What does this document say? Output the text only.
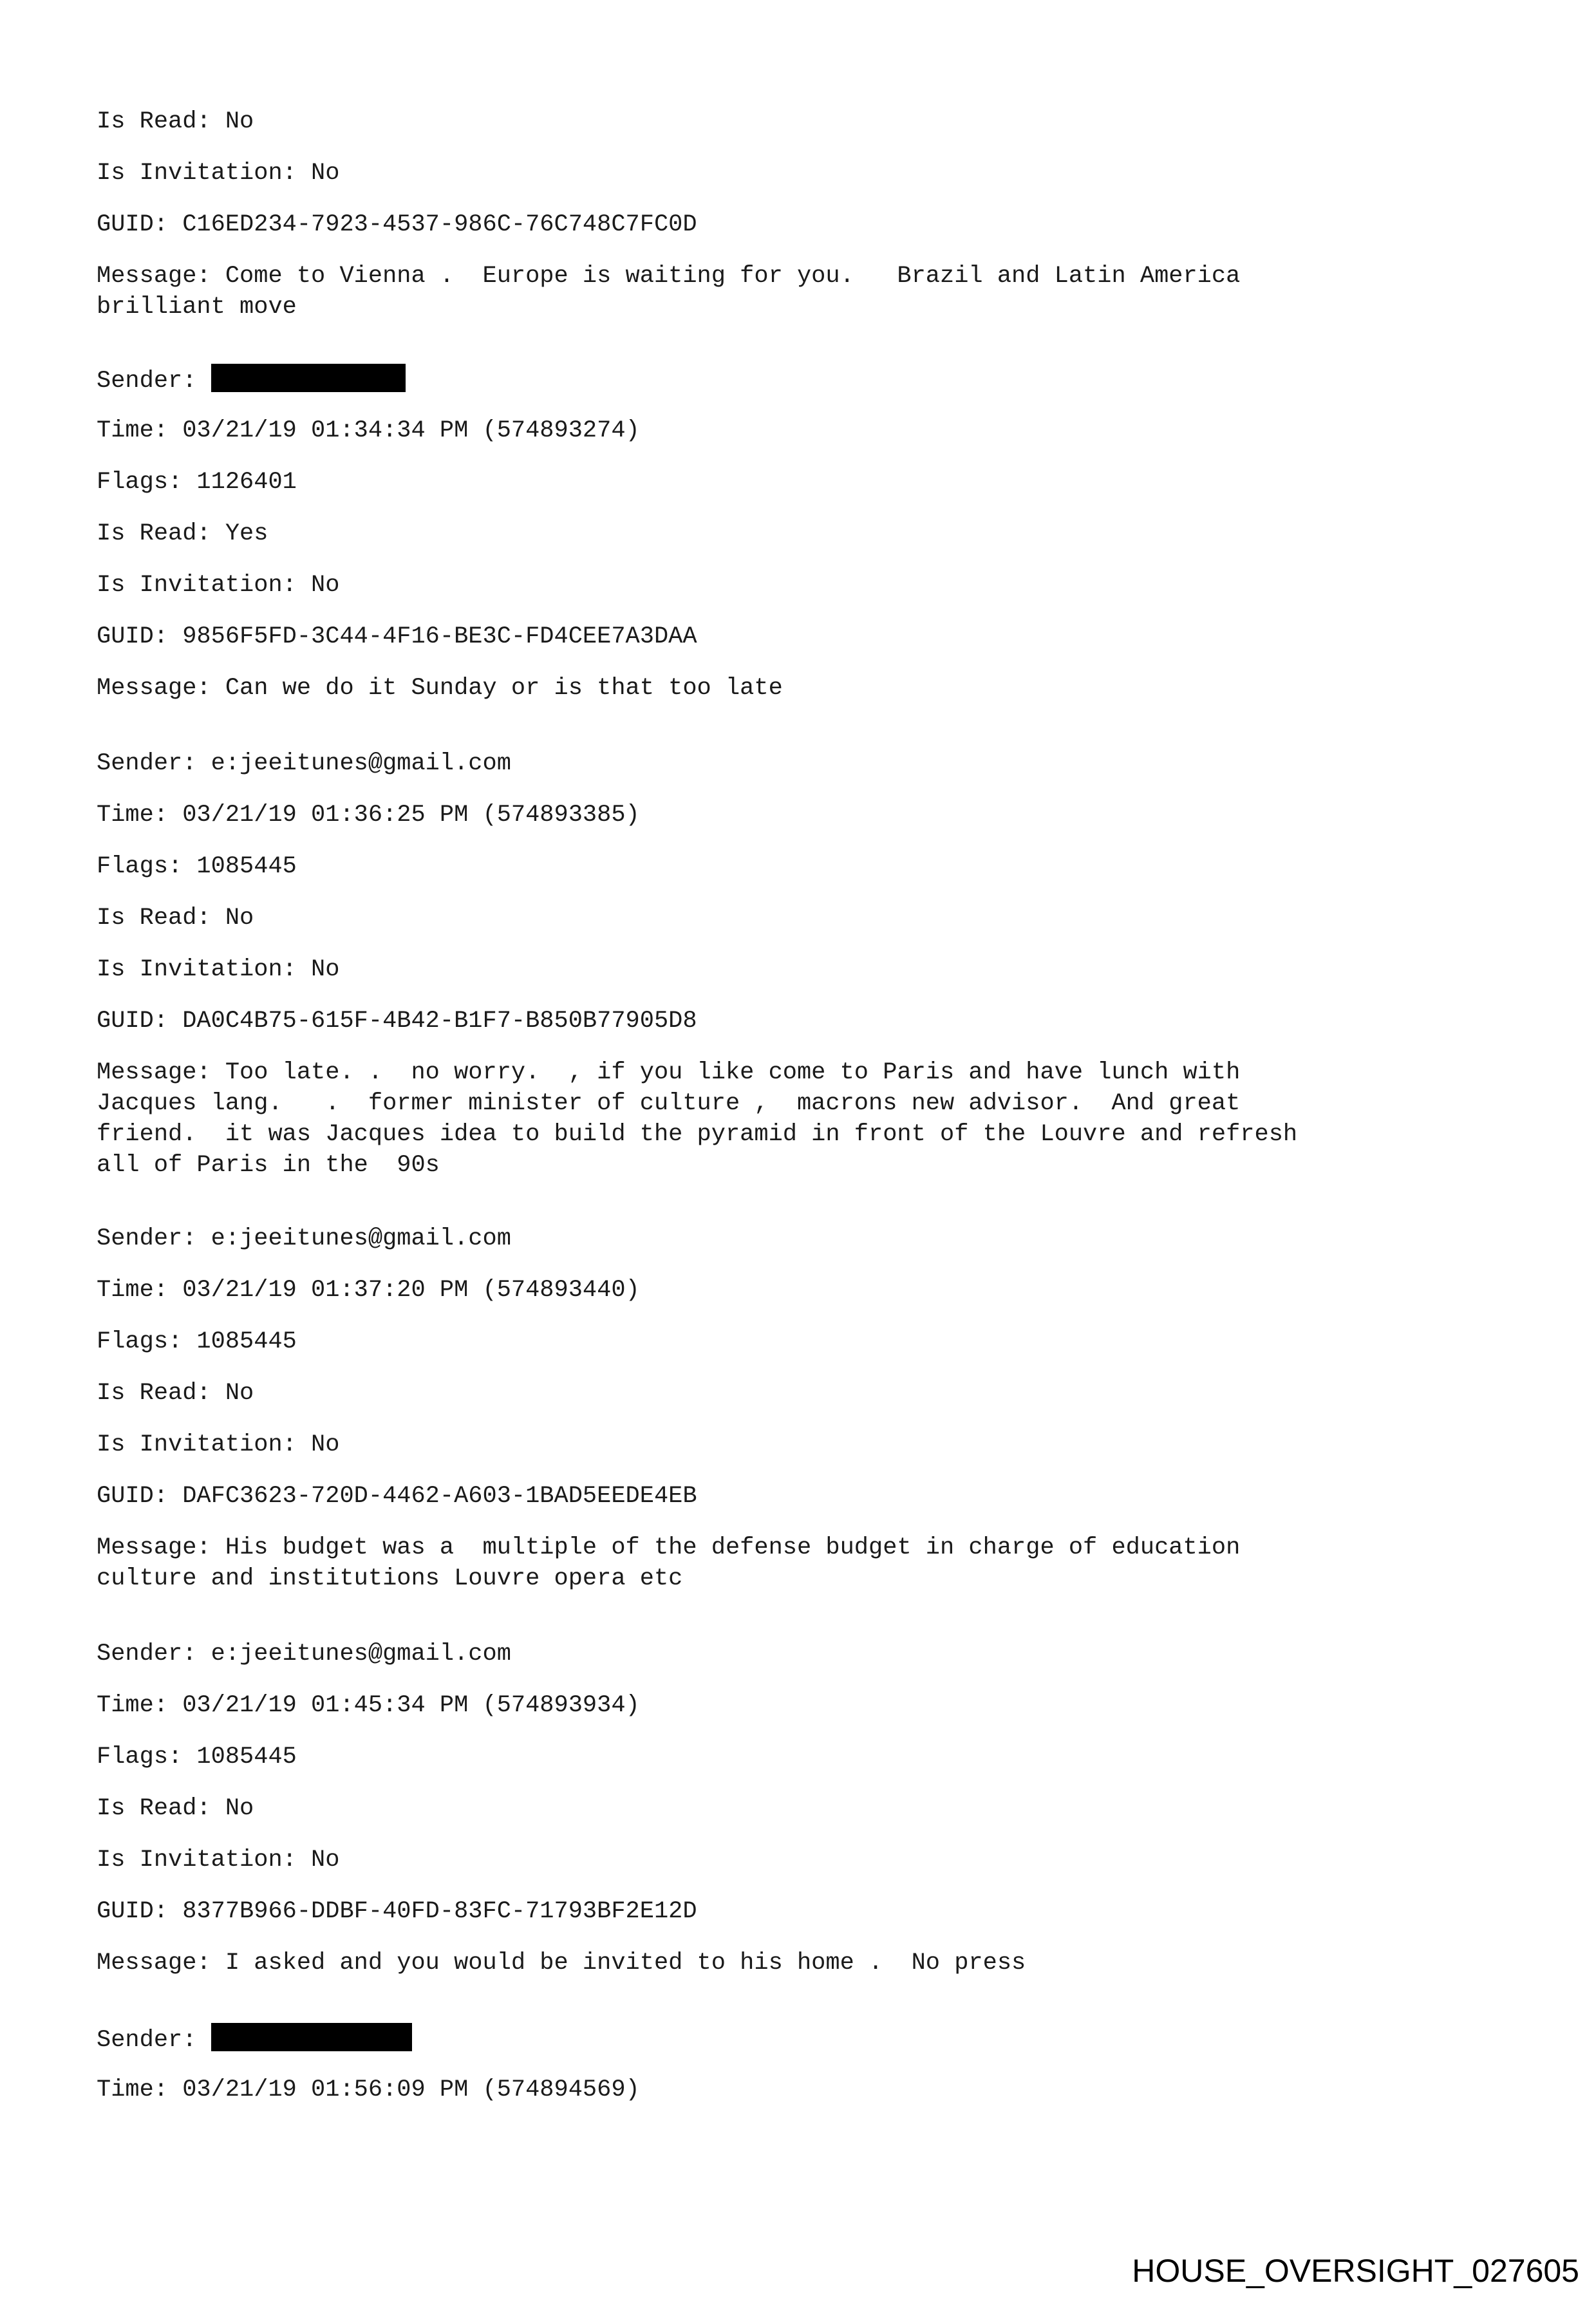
Is Read: No

Is Invitation: No

GUID: C16ED234-7923-4537-986C-76C748C7FC0D

Message: Come to Vienna .  Europe is waiting for you.   Brazil and Latin America
brilliant move

Sender:

Time: 03/21/19 01:34:34 PM (574893274)

Flags: 1126401

Is Read: Yes

Is Invitation: No

GUID: 9856F5FD-3C44-4F16-BE3C-FD4CEE7A3DAA

Message: Can we do it Sunday or is that too late

Sender: e:jeeitunes@gmail.com

Time: 03/21/19 01:36:25 PM (574893385)

Flags: 1085445

Is Read: No

Is Invitation: No

GUID: DA0C4B75-615F-4B42-B1F7-B850B77905D8

Message: Too late. .  no worry.  , if you like come to Paris and have lunch with
Jacques lang.   .  former minister of culture ,  macrons new advisor.  And great
friend.  it was Jacques idea to build the pyramid in front of the Louvre and refresh
all of Paris in the  90s

Sender: e:jeeitunes@gmail.com

Time: 03/21/19 01:37:20 PM (574893440)

Flags: 1085445

Is Read: No

Is Invitation: No

GUID: DAFC3623-720D-4462-A603-1BAD5EEDE4EB

Message: His budget was a  multiple of the defense budget in charge of education
culture and institutions Louvre opera etc

Sender: e:jeeitunes@gmail.com

Time: 03/21/19 01:45:34 PM (574893934)

Flags: 1085445

Is Read: No

Is Invitation: No

GUID: 8377B966-DDBF-40FD-83FC-71793BF2E12D

Message: I asked and you would be invited to his home .  No press

Sender:

Time: 03/21/19 01:56:09 PM (574894569)

HOUSE_OVERSIGHT_027605
